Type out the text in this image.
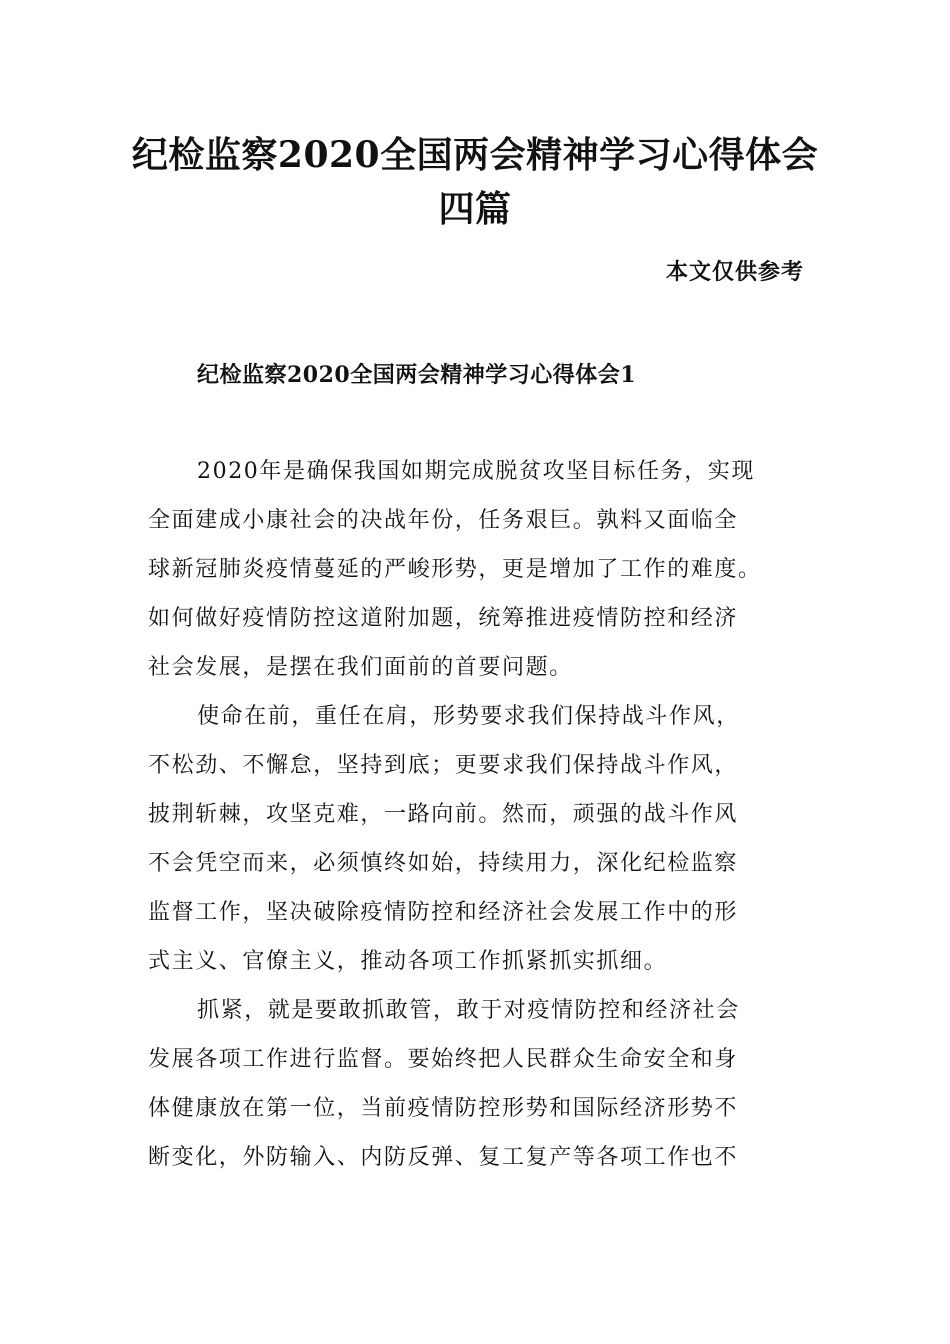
纪检监察2020全国两会精神学习心得体会
四篇
本文仅供参考
纪检监察2020全国两会精神学习心得体会1
2020年是确保我国如期完成脱贫攻坚目标任务，实现
全面建成小康社会的决战年份，任务艰巨。孰料又面临全
球新冠肺炎疫情蔓延的严峻形势，更是增加了工作的难度。
如何做好疫情防控这道附加题，统筹推进疫情防控和经济
社会发展，是摆在我们面前的首要问题。
使命在前，重任在肩，形势要求我们保持战斗作风，
不松劲、不懈怠，坚持到底；更要求我们保持战斗作风，
披荆斩棘，攻坚克难，一路向前。然而，顽强的战斗作风
不会凭空而来，必须慎终如始，持续用力，深化纪检监察
监督工作，坚决破除疫情防控和经济社会发展工作中的形
式主义、官僚主义，推动各项工作抓紧抓实抓细。
抓紧，就是要敢抓敢管，敢于对疫情防控和经济社会
发展各项工作进行监督。要始终把人民群众生命安全和身
体健康放在第一位，当前疫情防控形势和国际经济形势不
断变化，外防输入、内防反弹、复工复产等各项工作也不
